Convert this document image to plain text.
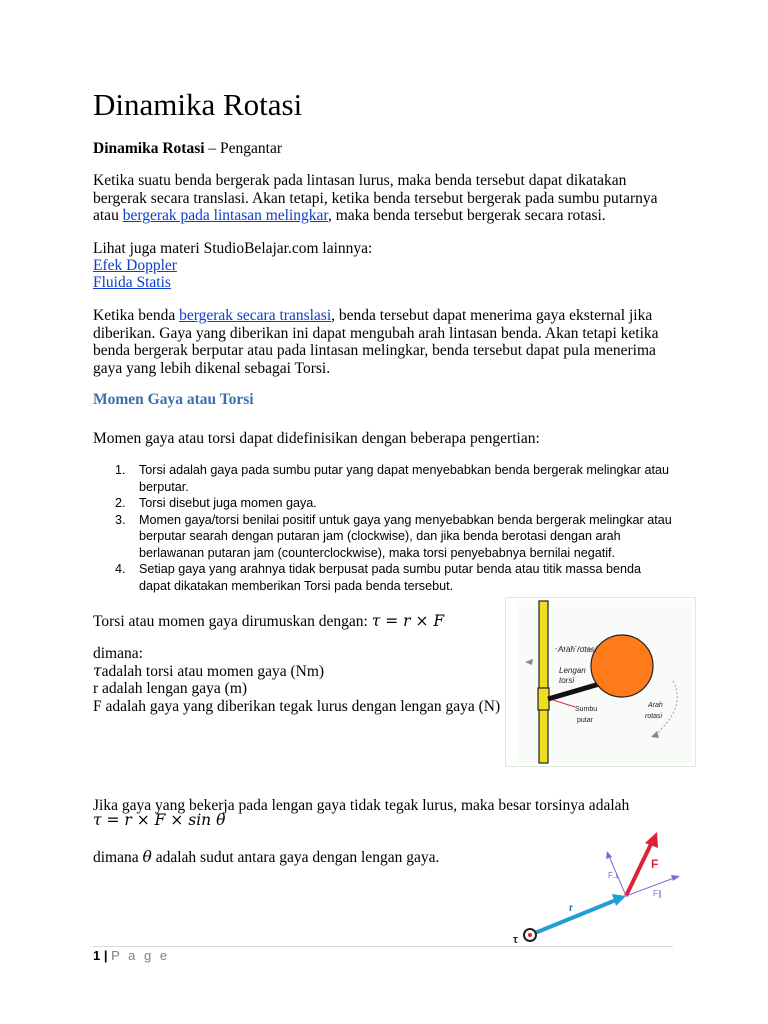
Dinamika Rotasi
Dinamika Rotasi – Pengantar
Ketika suatu benda bergerak pada lintasan lurus, maka benda tersebut dapat dikatakan bergerak secara translasi. Akan tetapi, ketika benda tersebut bergerak pada sumbu putarnya atau bergerak pada lintasan melingkar, maka benda tersebut bergerak secara rotasi.
Lihat juga materi StudioBelajar.com lainnya:
Efek Doppler
Fluida Statis
Ketika benda bergerak secara translasi, benda tersebut dapat menerima gaya eksternal jika diberikan. Gaya yang diberikan ini dapat mengubah arah lintasan benda. Akan tetapi ketika benda bergerak berputar atau pada lintasan melingkar, benda tersebut dapat pula menerima gaya yang lebih dikenal sebagai Torsi.
Momen Gaya atau Torsi
Momen gaya atau torsi dapat didefinisikan dengan beberapa pengertian:
1. Torsi adalah gaya pada sumbu putar yang dapat menyebabkan benda bergerak melingkar atau berputar.
2. Torsi disebut juga momen gaya.
3. Momen gaya/torsi benilai positif untuk gaya yang menyebabkan benda bergerak melingkar atau berputar searah dengan putaran jam (clockwise), dan jika benda berotasi dengan arah berlawanan putaran jam (counterclockwise), maka torsi penyebabnya bernilai negatif.
4. Setiap gaya yang arahnya tidak berpusat pada sumbu putar benda atau titik massa benda dapat dikatakan memberikan Torsi pada benda tersebut.
Torsi atau momen gaya dirumuskan dengan: τ = r × F
dimana:
τadalah torsi atau momen gaya (Nm)
r adalah lengan gaya (m)
F adalah gaya yang diberikan tegak lurus dengan lengan gaya (N)
Arah rotasi
Lengan
torsi
Sumbu
putar
Arah
rotasi
Jika gaya yang bekerja pada lengan gaya tidak tegak lurus, maka besar torsinya adalah
τ = r × F × sin θ
dimana θ adalah sudut antara gaya dengan lengan gaya.	F
F⊥
F∥
r
τ
1 | P a g e
